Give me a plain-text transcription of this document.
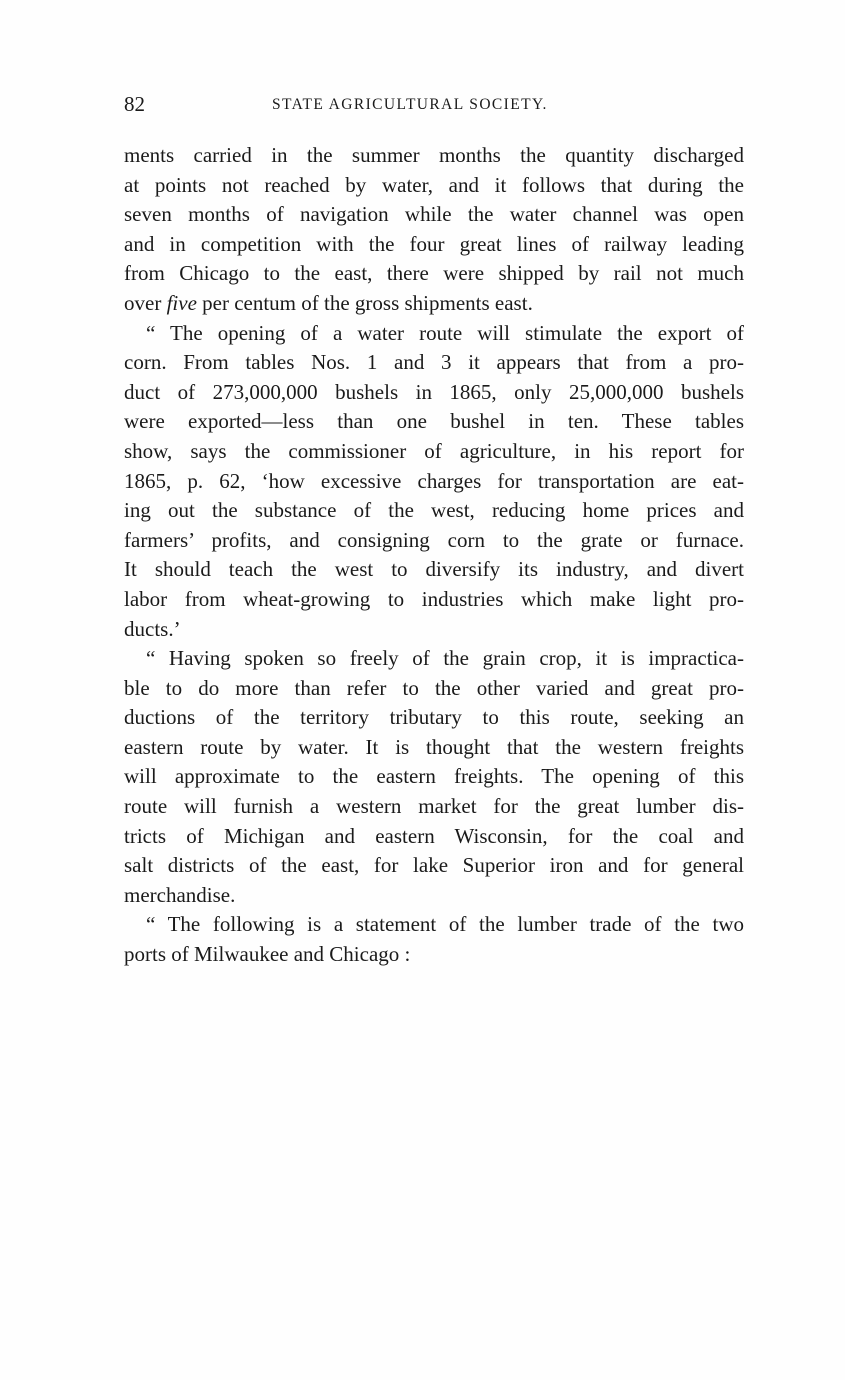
82	STATE AGRICULTURAL SOCIETY.
ments carried in the summer months the quantity discharged
at points not reached by water, and it follows that during the
seven months of navigation while the water channel was open
and in competition with the four great lines of railway leading
from Chicago to the east, there were shipped by rail not much
over five per centum of the gross shipments east.
“ The opening of a water route will stimulate the export of
corn. From tables Nos. 1 and 3 it appears that from a pro-
duct of 273,000,000 bushels in 1865, only 25,000,000 bushels
were exported—less than one bushel in ten. These tables
show, says the commissioner of agriculture, in his report for
1865, p. 62, ‘how excessive charges for transportation are eat-
ing out the substance of the west, reducing home prices and
farmers’ profits, and consigning corn to the grate or furnace.
It should teach the west to diversify its industry, and divert
labor from wheat-growing to industries which make light pro-
ducts.’
“ Having spoken so freely of the grain crop, it is impractica-
ble to do more than refer to the other varied and great pro-
ductions of the territory tributary to this route, seeking an
eastern route by water. It is thought that the western freights
will approximate to the eastern freights. The opening of this
route will furnish a western market for the great lumber dis-
tricts of Michigan and eastern Wisconsin, for the coal and
salt districts of the east, for lake Superior iron and for general
merchandise.
“ The following is a statement of the lumber trade of the two
ports of Milwaukee and Chicago :
